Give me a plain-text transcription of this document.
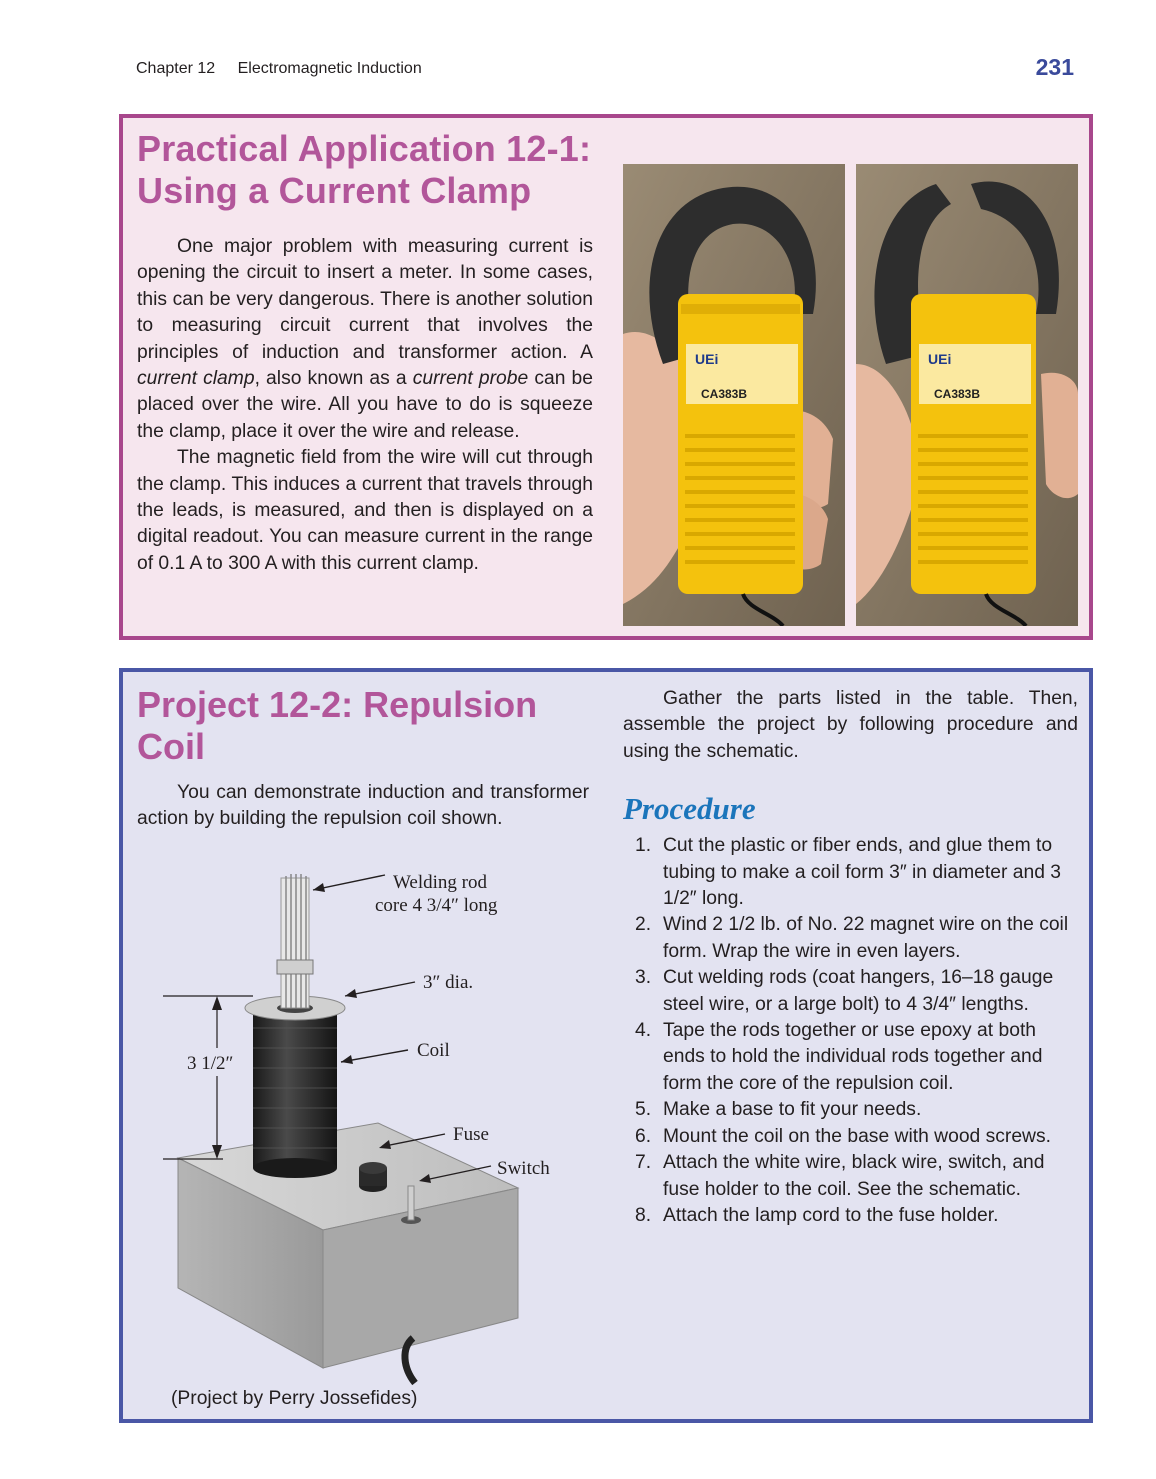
Chapter 12 Electromagnetic Induction	231
Practical Application 12-1:
Using a Current Clamp

One major problem with measuring current is opening the circuit to insert a meter. In some cases, this can be very dangerous. There is another solution to measuring circuit current that involves the principles of induction and transformer action. A current clamp, also known as a current probe can be placed over the wire. All you have to do is squeeze the clamp, place it over the wire and release.

The magnetic field from the wire will cut through the clamp. This induces a current that travels through the leads, is measured, and then is displayed on a digital readout. You can measure current in the range of 0.1 A to 300 A with this current clamp.

UEi
CA383B
UEi
CA383B
Project 12-2: Repulsion
Coil

You can demonstrate induction and transformer action by building the repulsion coil shown.

3 1/2″
Welding rod
core 4 3/4″ long
3″ dia.
Coil
Fuse
Switch
(Project by Perry Jossefides)

Gather the parts listed in the table. Then, assemble the project by following procedure and using the schematic.

Procedure
1. Cut the plastic or fiber ends, and glue them to tubing to make a coil form 3″ in diameter and 3 1/2″ long.
2. Wind 2 1/2 lb. of No. 22 magnet wire on the coil form. Wrap the wire in even layers.
3. Cut welding rods (coat hangers, 16–18 gauge steel wire, or a large bolt) to 4 3/4″ lengths.
4. Tape the rods together or use epoxy at both ends to hold the individual rods together and form the core of the repulsion coil.
5. Make a base to fit your needs.
6. Mount the coil on the base with wood screws.
7. Attach the white wire, black wire, switch, and fuse holder to the coil. See the schematic.
8. Attach the lamp cord to the fuse holder.
